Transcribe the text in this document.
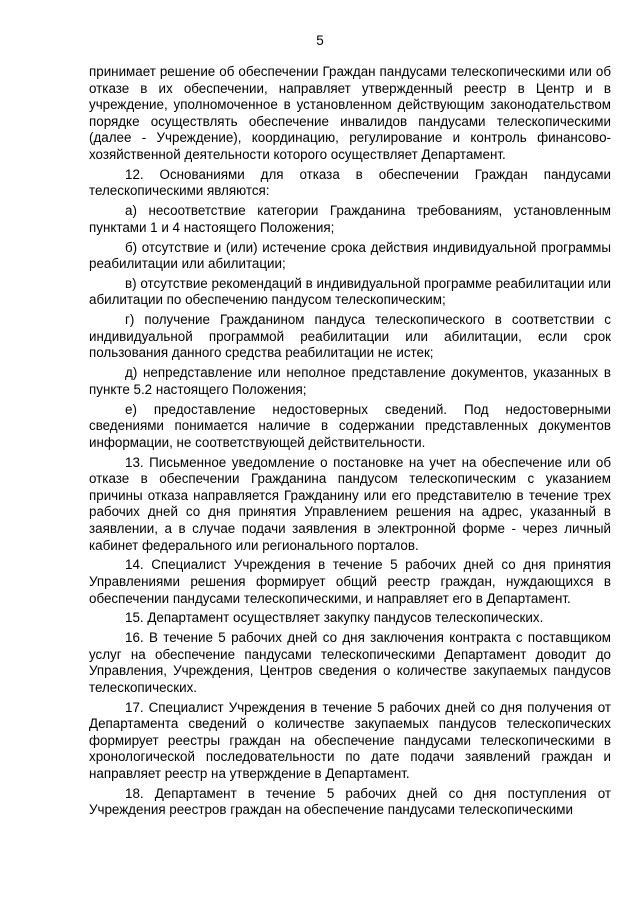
5

принимает решение об обеспечении Граждан пандусами телескопическими или об отказе в их обеспечении, направляет утвержденный реестр в Центр и в учреждение, уполномоченное в установленном действующим законодательством порядке осуществлять обеспечение инвалидов пандусами телескопическими (далее - Учреждение), координацию, регулирование и контроль финансово-хозяйственной деятельности которого осуществляет Департамент.

12. Основаниями для отказа в обеспечении Граждан пандусами телескопическими являются:

а) несоответствие категории Гражданина требованиям, установленным пунктами 1 и 4 настоящего Положения;

б) отсутствие и (или) истечение срока действия индивидуальной программы реабилитации или абилитации;

в) отсутствие рекомендаций в индивидуальной программе реабилитации или абилитации по обеспечению пандусом телескопическим;

г) получение Гражданином пандуса телескопического в соответствии с индивидуальной программой реабилитации или абилитации, если срок пользования данного средства реабилитации не истек;

д) непредставление или неполное представление документов, указанных в пункте 5.2 настоящего Положения;

е) предоставление недостоверных сведений. Под недостоверными сведениями понимается наличие в содержании представленных документов информации, не соответствующей действительности.

13. Письменное уведомление о постановке на учет на обеспечение или об отказе в обеспечении Гражданина пандусом телескопическим с указанием причины отказа направляется Гражданину или его представителю в течение трех рабочих дней со дня принятия Управлением решения на адрес, указанный в заявлении, а в случае подачи заявления в электронной форме - через личный кабинет федерального или регионального порталов.

14. Специалист Учреждения в течение 5 рабочих дней со дня принятия Управлениями решения формирует общий реестр граждан, нуждающихся в обеспечении пандусами телескопическими, и направляет его в Департамент.

15. Департамент осуществляет закупку пандусов телескопических.

16. В течение 5 рабочих дней со дня заключения контракта с поставщиком услуг на обеспечение пандусами телескопическими Департамент доводит до Управления, Учреждения, Центров сведения о количестве закупаемых пандусов телескопических.

17. Специалист Учреждения в течение 5 рабочих дней со дня получения от Департамента сведений о количестве закупаемых пандусов телескопических формирует реестры граждан на обеспечение пандусами телескопическими в хронологической последовательности по дате подачи заявлений граждан и направляет реестр на утверждение в Департамент.

18. Департамент в течение 5 рабочих дней со дня поступления от Учреждения реестров граждан на обеспечение пандусами телескопическими
